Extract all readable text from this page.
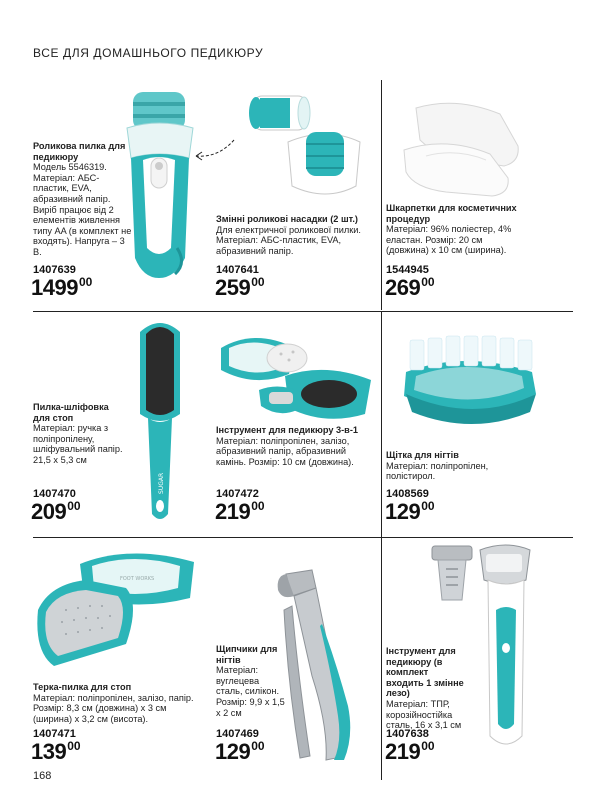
ВСЕ ДЛЯ ДОМАШНЬОГО ПЕДИКЮРУ
Роликова пилка для педикюру
Модель 5546319. Матеріал: АБС-пластик, EVA, абразивний папір. Виріб працює від 2 елементів живлення типу AA (в комплект не входять). Напруга – 3 В.
1407639
1499$^{00}$
Змінні роликові насадки (2 шт.)
Для електричної роликової пилки. Матеріал: АБС-пластик, EVA, абразивний папір.
1407641
$259^{00}$
Шкарпетки для косметичних процедур
Матеріал: 96% поліестер, 4% еластан. Розмір: 20 см (довжина) x 10 см (ширина).
1544945
$269^{00}$
SUGAR
Пилка-шліфовка для стоп
Матеріал: ручка з поліпропілену, шліфувальний папір. 21,5 x 5,3 см
1407470
$209^{00}$
Інструмент для педикюру 3-в-1
Матеріал: поліпропілен, залізо, абразивний папір, абразивний камінь. Розмір: 10 см (довжина).
1407472
$219^{00}$
Щітка для нігтів
Матеріал: поліпропілен, полістирол.
1408569
$129^{00}$
FOOT WORKS
Терка-пилка для стоп
Матеріал: поліпропілен, залізо, папір. Розмір: 8,3 см (довжина) x 3 см (ширина) x 3,2 см (висота).
1407471
$139^{00}$
Щипчики для нігтів
Матеріал: вуглецева сталь, силікон. Розмір: 9,9 x 1,5 x 2 см
1407469
$129^{00}$
Інструмент для педикюру (в комплект входить 1 змінне лезо)
Матеріал: ТПР, корозійностійка сталь, 16 x 3,1 см
1407638
$219^{00}$
168
